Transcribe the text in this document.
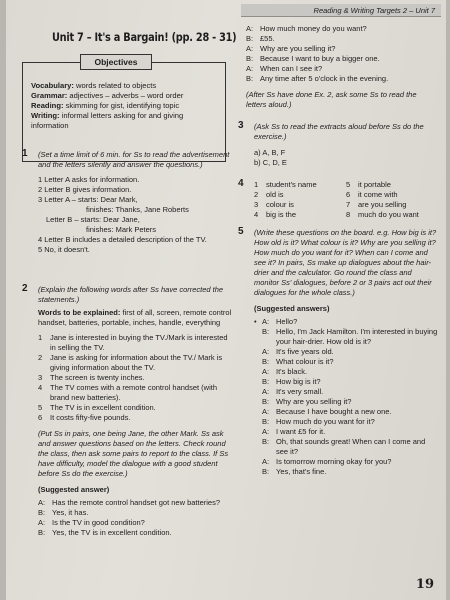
Reading & Writing Targets 2 – Unit 7
Unit 7 – It's a Bargain! (pp. 28 - 31)
Vocabulary: words related to objects
Grammar: adjectives – adverbs – word order
Reading: skimming for gist, identifying topic
Writing: informal letters asking for and giving information
Objectives
1 (Set a time limit of 6 min. for Ss to read the advertisement and the letters silently and answer the questions.)

1 Letter A asks for information.

2 Letter B gives information.

3 Letter A – starts: Dear Mark,

finishes: Thanks, Jane Roberts

Letter B – starts: Dear Jane,

finishes: Mark Peters

4 Letter B includes a detailed description of the TV.

5 No, it doesn't.

2 (Explain the following words after Ss have corrected the statements.)

Words to be explained: first of all, screen, remote control handset, batteries, portable, inches, handle, everything

1	Jane is interested in buying the TV./Mark is interested in selling the TV.
2	Jane is asking for information about the TV./ Mark is giving information about the TV.
3	The screen is twenty inches.
4	The TV comes with a remote control handset (with brand new batteries).
5	The TV is in excellent condition.
6	It costs fifty-five pounds.

(Put Ss in pairs, one being Jane, the other Mark. Ss ask and answer questions based on the letters. Check round the class, then ask some pairs to report to the class. If Ss have difficulty, model the dialogue with a good student before Ss do the exercise.)

(Suggested answer)

A: Has the remote control handset got new batteries?
B: Yes, it has.
A: Is the TV in good condition?
B: Yes, the TV is in excellent condition.
A: How much money do you want?
B: £55.
A: Why are you selling it?
B: Because I want to buy a bigger one.
A: When can I see it?
B: Any time after 5 o'clock in the evening.

(After Ss have done Ex. 2, ask some Ss to read the letters aloud.)

3 (Ask Ss to read the extracts aloud before Ss do the exercise.)

a) A, B, F

b) C, D, E

4 1	student's name	5	it portable
2	old is	6	it come with
3	colour is	7	are you selling
4	big is the	8	much do you want
5 (Write these questions on the board. e.g. How big is it? How old is it? What colour is it? Why are you selling it? How much do you want for it? When can I come and see it? In pairs, Ss make up dialogues about the hair-drier and the calculator. Go round the class and monitor Ss' dialogues, before 2 or 3 pairs act out their dialogues for the whole class.)

(Suggested answers)

• A: Hello?
B: Hello, I'm Jack Hamilton. I'm interested in buying your hair-drier. How old is it?
A: It's five years old.
B: What colour is it?
A: It's black.
B: How big is it?
A: It's very small.
B: Why are you selling it?
A: Because I have bought a new one.
B: How much do you want for it?
A: I want £5 for it.
B: Oh, that sounds great! When can I come and see it?
A: Is tomorrow morning okay for you?
B: Yes, that's fine.
19
